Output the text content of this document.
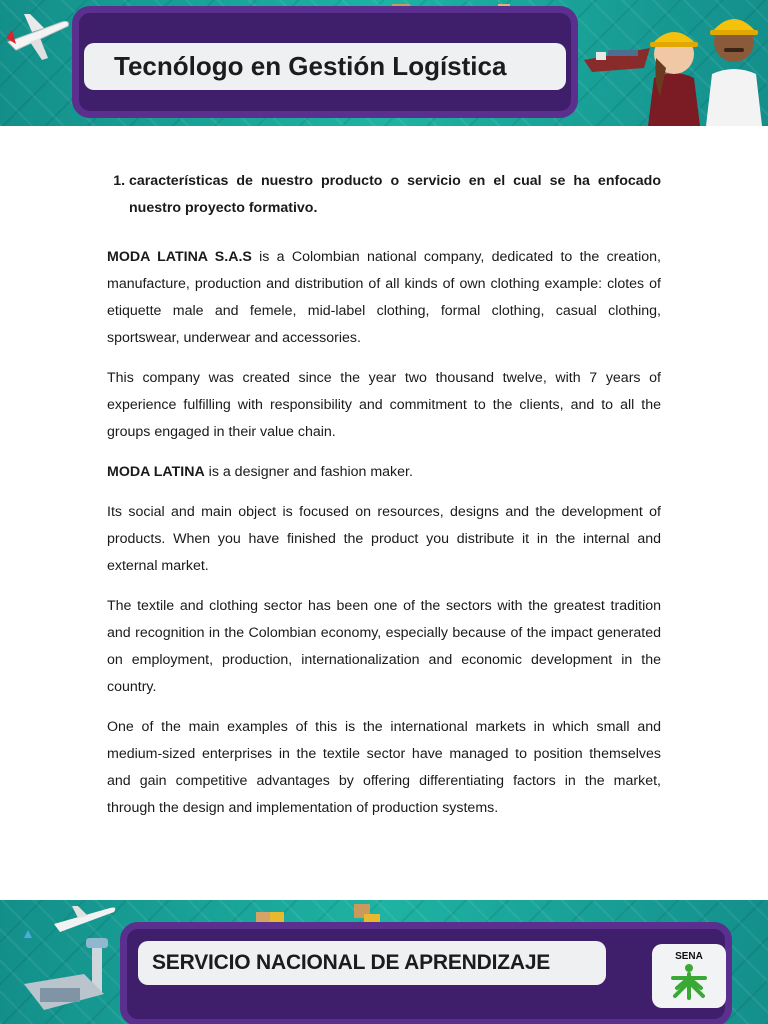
Tecnólogo en Gestión Logística
1. características de nuestro producto o servicio en el cual se ha enfocado nuestro proyecto formativo.

MODA LATINA S.A.S is a Colombian national company, dedicated to the creation, manufacture, production and distribution of all kinds of own clothing example: clotes of etiquette male and femele, mid-label clothing, formal clothing, casual clothing, sportswear, underwear and accessories.

This company was created since the year two thousand twelve, with 7 years of experience fulfilling with responsibility and commitment to the clients, and to all the groups engaged in their value chain.

MODA LATINA is a designer and fashion maker.

Its social and main object is focused on resources, designs and the development of products. When you have finished the product you distribute it in the internal and external market.

The textile and clothing sector has been one of the sectors with the greatest tradition and recognition in the Colombian economy, especially because of the impact generated on employment, production, internationalization and economic development in the country.

One of the main examples of this is the international markets in which small and medium-sized enterprises in the textile sector have managed to position themselves and gain competitive advantages by offering differentiating factors in the market, through the design and implementation of production systems.

SERVICIO NACIONAL DE APRENDIZAJE	SENA
